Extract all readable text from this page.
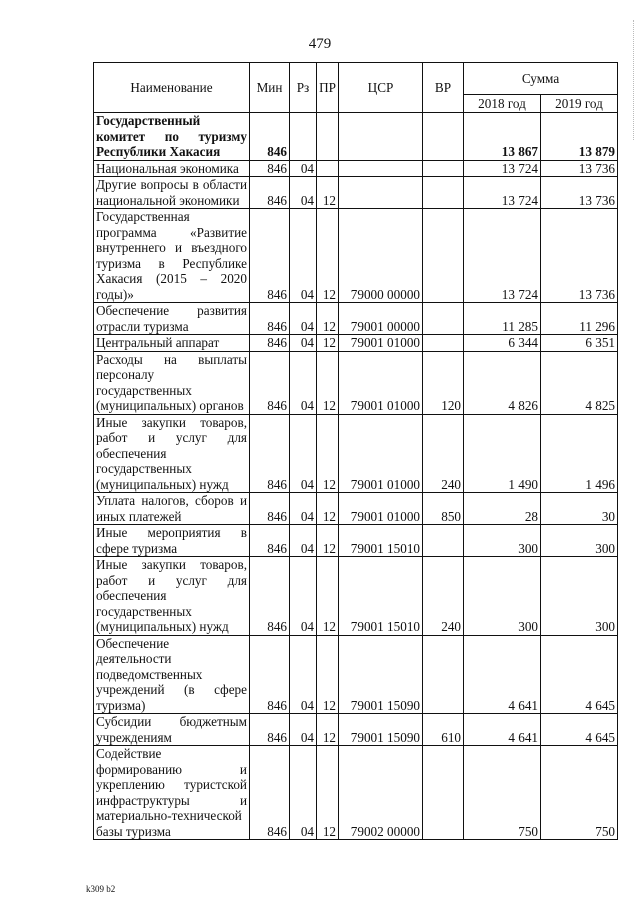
479
Наименование	Мин	Рз	ПР	ЦСР	ВР	Сумма	
						2018 год	2019 год
Государственный комитет по туризму Республики Хакасия	846					13 867	13 879
Национальная экономика	846	04				13 724	13 736
Другие вопросы в области национальной экономики	846	04	12			13 724	13 736
Государственная программа «Развитие внутреннего и въездного туризма в Республике Хакасия (2015 – 2020 годы)»	846	04	12	79000 00000		13 724	13 736
Обеспечение развития отрасли туризма	846	04	12	79001 00000		11 285	11 296
Центральный аппарат	846	04	12	79001 01000		6 344	6 351
Расходы на выплаты персоналу государственных (муниципальных) органов	846	04	12	79001 01000	120	4 826	4 825
Иные закупки товаров, работ и услуг для обеспечения государственных (муниципальных) нужд	846	04	12	79001 01000	240	1 490	1 496
Уплата налогов, сборов и иных платежей	846	04	12	79001 01000	850	28	30
Иные мероприятия в сфере туризма	846	04	12	79001 15010		300	300
Иные закупки товаров, работ и услуг для обеспечения государственных (муниципальных) нужд	846	04	12	79001 15010	240	300	300
Обеспечение деятельности подведомственных учреждений (в сфере туризма)	846	04	12	79001 15090		4 641	4 645
Субсидии бюджетным учреждениям	846	04	12	79001 15090	610	4 641	4 645
Содействие формированию и укреплению туристской инфраструктуры и материально-технической базы туризма	846	04	12	79002 00000		750	750
k309 b2
